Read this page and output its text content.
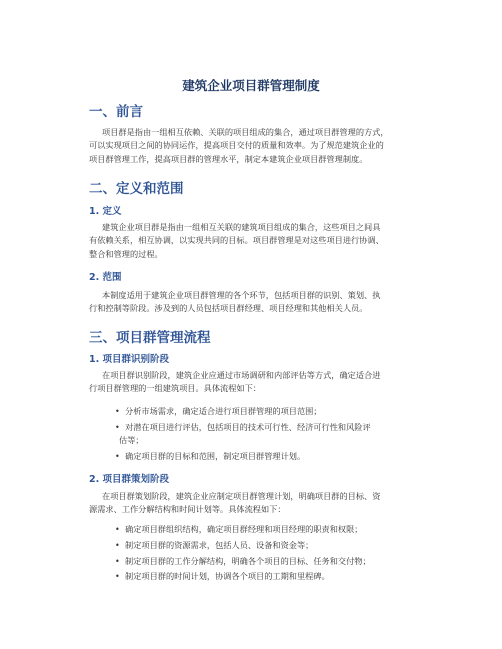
建筑企业项目群管理制度
一、前言
项目群是指由一组相互依赖、关联的项目组成的集合，通过项目群管理的方式，
可以实现项目之间的协同运作，提高项目交付的质量和效率。为了规范建筑企业的
项目群管理工作，提高项目群的管理水平，制定本建筑企业项目群管理制度。
二、定义和范围
1. 定义
建筑企业项目群是指由一组相互关联的建筑项目组成的集合，这些项目之间具
有依赖关系，相互协调，以实现共同的目标。项目群管理是对这些项目进行协调、
整合和管理的过程。
2. 范围
本制度适用于建筑企业项目群管理的各个环节，包括项目群的识别、策划、执
行和控制等阶段。涉及到的人员包括项目群经理、项目经理和其他相关人员。
三、项目群管理流程
1. 项目群识别阶段
在项目群识别阶段，建筑企业应通过市场调研和内部评估等方式，确定适合进
行项目群管理的一组建筑项目。具体流程如下：
• 分析市场需求，确定适合进行项目群管理的项目范围；
• 对潜在项目进行评估，包括项目的技术可行性、经济可行性和风险评
估等；
• 确定项目群的目标和范围，制定项目群管理计划。
2. 项目群策划阶段
在项目群策划阶段，建筑企业应制定项目群管理计划，明确项目群的目标、资
源需求、工作分解结构和时间计划等。具体流程如下：
• 确定项目群组织结构，确定项目群经理和项目经理的职责和权限；
• 制定项目群的资源需求，包括人员、设备和资金等；
• 制定项目群的工作分解结构，明确各个项目的目标、任务和交付物；
• 制定项目群的时间计划，协调各个项目的工期和里程碑。
